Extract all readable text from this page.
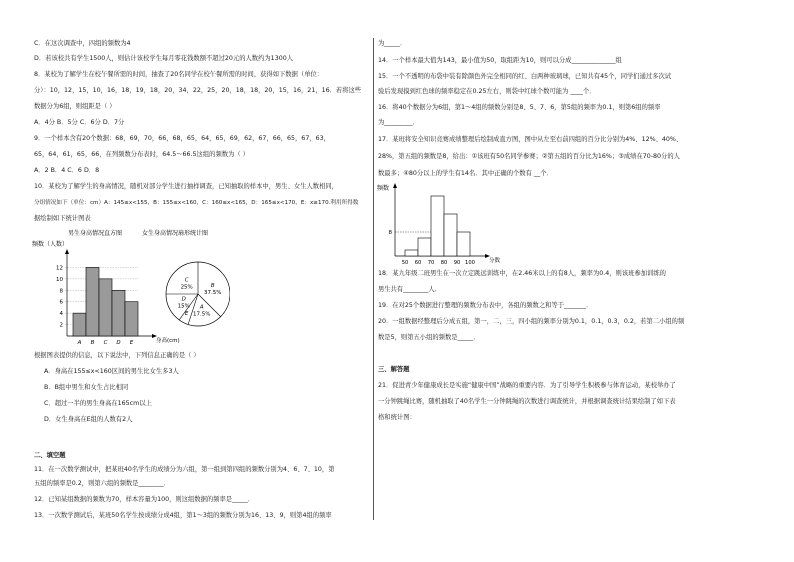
C．在这次调查中，四组的频数为4
D．若该校共有学生1500人，则估计该校学生每月零花钱数额不超过20元的人数约为1300人
8．某校为了解学生在校午餐所需的时间，抽查了20名同学在校午餐所需的时间，获得如下数据（单位：
分）：10，12，15，10，16，18，19，18，20，34，22，25，20，18，18，20，15，16，21，16．若将这些
数据分为6组，则组距是（ ）
A．4分 B．5分 C．6分 D．7分
9．一个样本含有20个数据：68，69，70，66，68，65，64，65，69，62，67，66，65，67，63，
65，64，61，65，66，在列频数分布表时，64.5～66.5这组的频数为（ ）
A．2 B．4 C．6 D．8
10．某校为了解学生的身高情况，随机对部分学生进行抽样调查，已知抽取的样本中，男生、女生人数相同，
分组情况如下（单位：cm）A：145≤x<155，B：155≤x<160，C：160≤x<165，D：165≤x<170，E：x≥170.利用所得数
据绘制如下统计图表
男生身高情况直方图	女生身高情况扇形统计图
频数（人数）
2
4
6
8
10
12
A B C D E	身高(cm)
B
37.5%
A
17.5%
E
D
15%
C
25%
根据图表提供的信息，以下说法中，下列信息正确的是（ ）
A．身高在155≤x<160区间的男生比女生多3人
B．B组中男生和女生占比相同
C．超过一半的男生身高在165cm以上
D．女生身高在E组的人数有2人
二、填空题
11．在一次数学测试中，把某班40名学生的成绩分为六组，第一组到第四组的频数分别为4、6、7、10，第
五组的频率是0.2，则第六组的频数是________．
12．已知某组数据的频数为70，样本容量为100，则这组数据的频率是_____．
13．一次数学测试后，某班50名学生按成绩分成4组，第1～3组的频数分别为16、13、9，则第4组的频率
为_____．
14．一个样本最大值为143，最小值为50，取组距为10，则可以分成______________组
15．一个不透明的布袋中装有除颜色外完全相同的红、白两种玻璃球，已知共有45个，同学们通过多次试
验后发现摸到红色球的频率稳定在0.25左右，则袋中红球个数可能为 ____个．
16．将40个数据分为6组，第1～4组的频数分别是8、5、7、6，第5组的频率为0.1，则第6组的频率
为_________．
17．某班将安全知识竞赛成绩整理后绘制成直方图，图中从左至右前四组的百分比分别为4%、12%、40%、
28%，第五组的频数是8，给出：①该班有50名同学参赛；②第五组的百分比为16%；③成绩在70-80分的人
数最多；④80分以上的学生有14名．其中正确的个数有 __个．
频数
8
50 60 70 80 90 100	分数
18．某九年级二班男生在一次立定跳远训练中，在2.46米以上的有8人，频率为0.4，则该班参加训练的
男生共有________人．
19．在对25个数据进行整理的频数分布表中，各组的频数之和等于_______．
20．一组数据经整理后分成五组，第一，二，三，四小组的频率分别为0.1，0.1，0.3，0.2，若第二小组的频
数是5，则第五小组的频数是_____．
三、解答题
21．促进青少年健康成长是实施“健康中国”战略的重要内容．为了引导学生积极参与体育运动，某校举办了
一分钟跳绳比赛，随机抽取了40名学生一分钟跳绳的次数进行调查统计，并根据调查统计结果绘制了如下表
格和统计图：
